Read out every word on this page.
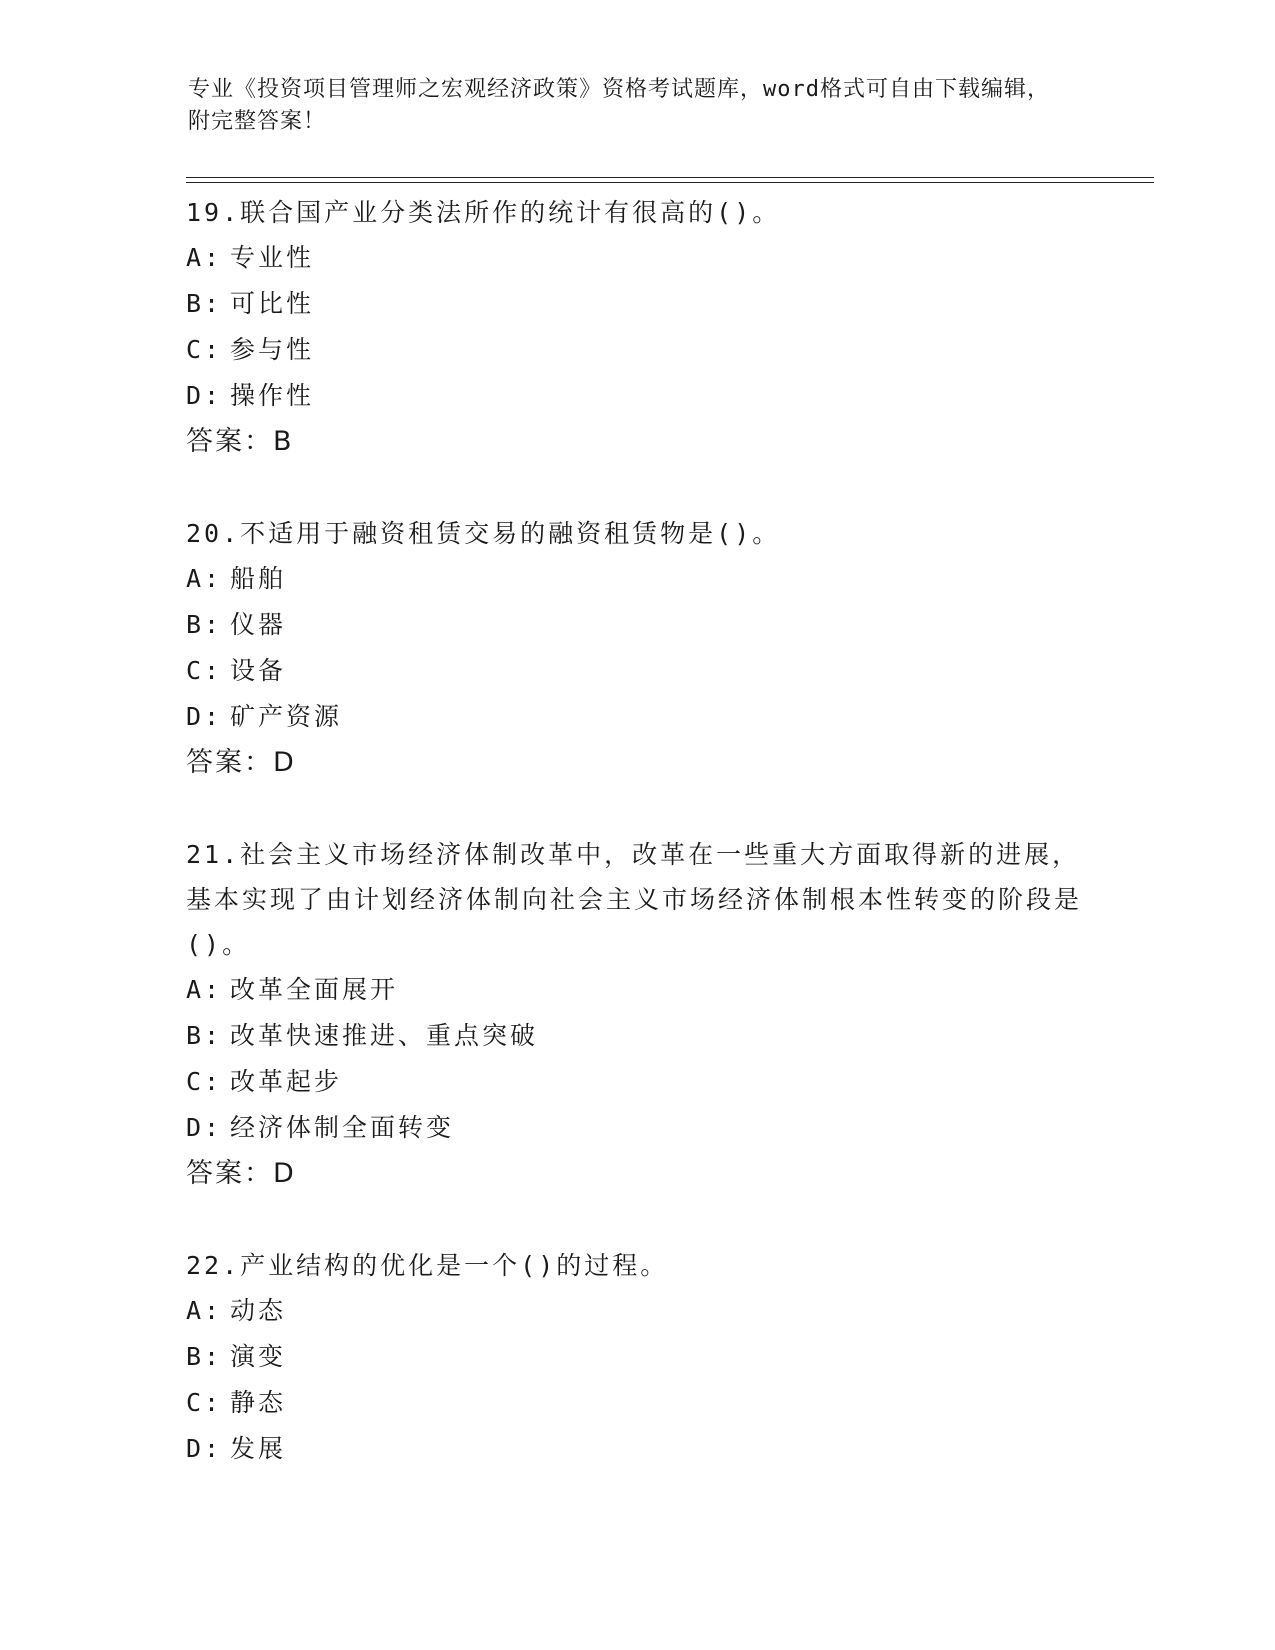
专业《投资项目管理师之宏观经济政策》资格考试题库，word格式可自由下载编辑，附完整答案！

19.联合国产业分类法所作的统计有很高的()。

A: 专业性

B: 可比性

C: 参与性

D: 操作性

答案：B

20.不适用于融资租赁交易的融资租赁物是()。

A: 船舶

B: 仪器

C: 设备

D: 矿产资源

答案：D

21.社会主义市场经济体制改革中，改革在一些重大方面取得新的进展，基本实现了由计划经济体制向社会主义市场经济体制根本性转变的阶段是()。

A: 改革全面展开

B: 改革快速推进、重点突破

C: 改革起步

D: 经济体制全面转变

答案：D

22.产业结构的优化是一个()的过程。

A: 动态

B: 演变

C: 静态

D: 发展
